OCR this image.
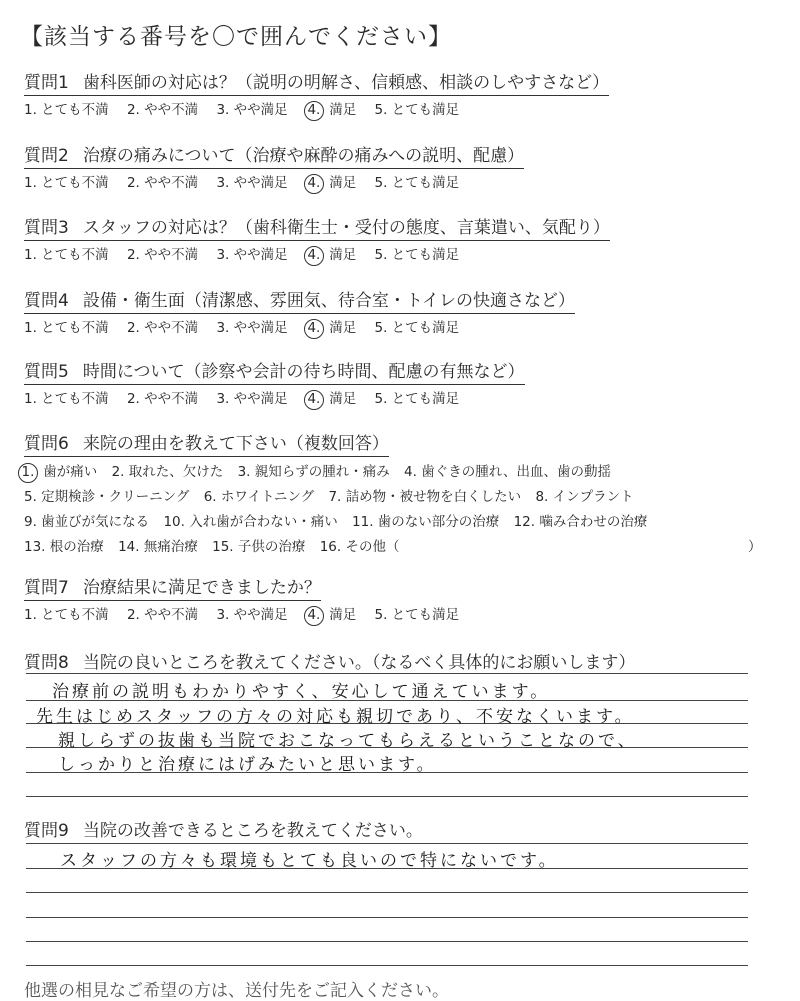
【該当する番号を〇で囲んでください】
質問1 歯科医師の対応は？（説明の明解さ、信頼感、相談のしやすさなど）
1. とても不満 2. やや不満 3. やや満足 4. 満足 5. とても満足
質問2 治療の痛みについて（治療や麻酔の痛みへの説明、配慮）
1. とても不満 2. やや不満 3. やや満足 4. 満足 5. とても満足
質問3 スタッフの対応は？（歯科衛生士・受付の態度、言葉遣い、気配り）
1. とても不満 2. やや不満 3. やや満足 4. 満足 5. とても満足
質問4 設備・衛生面（清潔感、雰囲気、待合室・トイレの快適さなど）
1. とても不満 2. やや不満 3. やや満足 4. 満足 5. とても満足
質問5 時間について（診察や会計の待ち時間、配慮の有無など）
1. とても不満 2. やや不満 3. やや満足 4. 満足 5. とても満足
質問6 来院の理由を教えて下さい（複数回答）
1. 歯が痛い 2. 取れた、欠けた 3. 親知らずの腫れ・痛み 4. 歯ぐきの腫れ、出血、歯の動揺
5. 定期検診・クリーニング 6. ホワイトニング 7. 詰め物・被せ物を白くしたい 8. インプラント
9. 歯並びが気になる 10. 入れ歯が合わない・痛い 11. 歯のない部分の治療 12. 噛み合わせの治療
13. 根の治療 14. 無痛治療 15. 子供の治療 16. その他（	）
質問7 治療結果に満足できましたか？
1. とても不満 2. やや不満 3. やや満足 4. 満足 5. とても満足
質問8 当院の良いところを教えてください。（なるべく具体的にお願いします）
治療前の説明もわかりやすく、安心して通えています。
先生はじめスタッフの方々の対応も親切であり、不安なくいます。
親しらずの抜歯も当院でおこなってもらえるということなので、
しっかりと治療にはげみたいと思います。
質問9 当院の改善できるところを教えてください。
スタッフの方々も環境もとても良いので特にないです。
他選の相見なご希望の方は、送付先をご記入ください。
